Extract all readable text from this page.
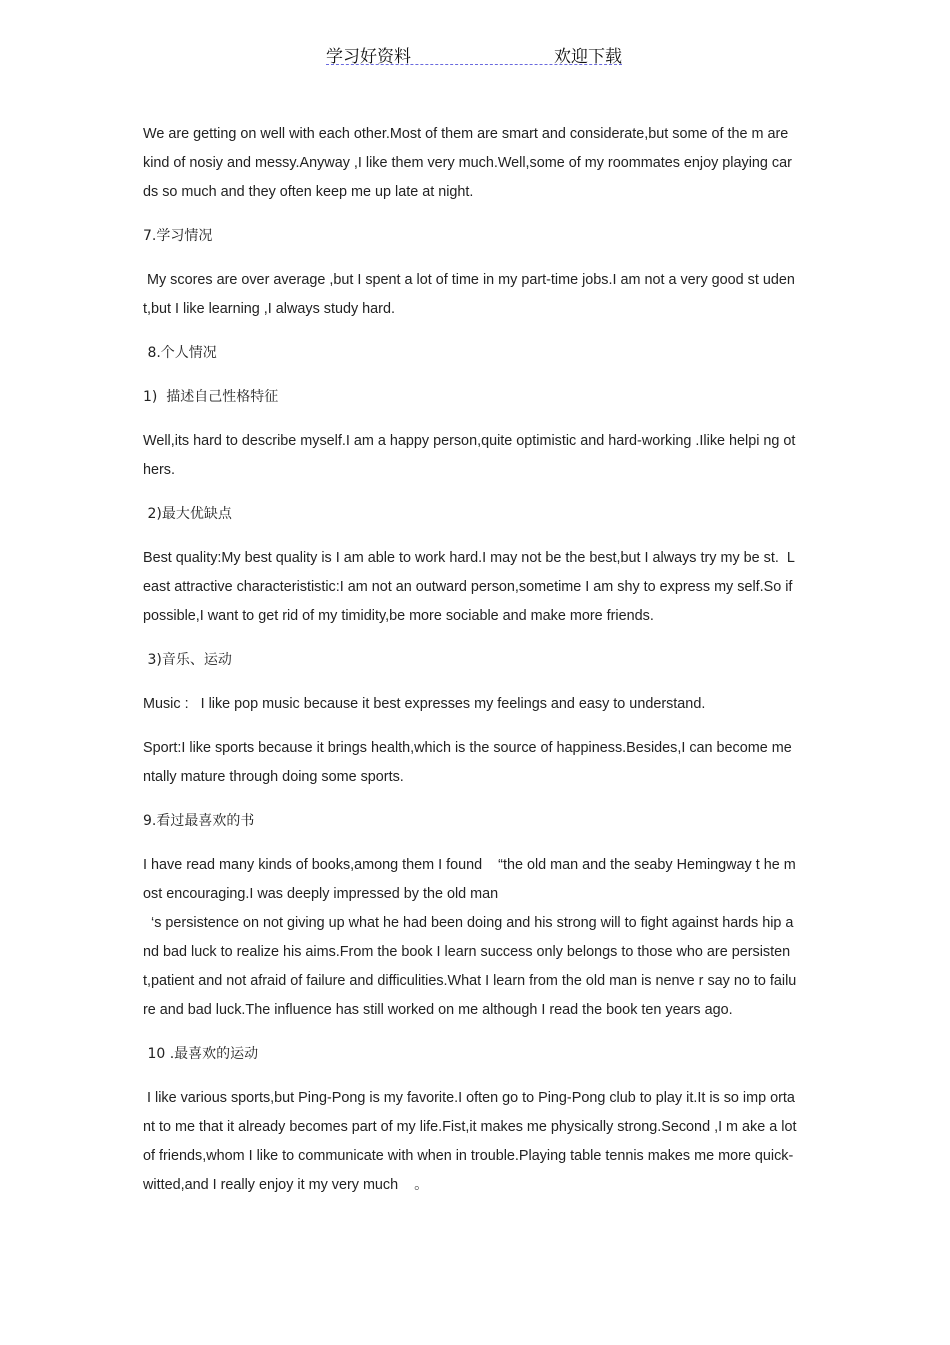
学习好资料	欢迎下载
We are getting on well with each other.Most of them are smart and considerate,but some of the m are kind of nosiy and messy.Anyway ,I like them very much.Well,some of my roommates enjoy playing cards so much and they often keep me up late at night.
7.学习情况
My scores are over average ,but I spent a lot of time in my part-time jobs.I am not a very good st udent,but I like learning ,I always study hard.
8.个人情况
1)  描述自己性格特征
Well,its hard to describe myself.I am a happy person,quite optimistic and hard-working .Ilike helpi ng others.
2)最大优缺点
Best quality:My best quality is I am able to work hard.I may not be the best,but I always try my be st.  Least attractive characterististic:I am not an outward person,sometime I am shy to express my self.So if possible,I want to get rid of my timidity,be more sociable and make more friends.
3)音乐、运动
Music :   I like pop music because it best expresses my feelings and easy to understand.
Sport:I like sports because it brings health,which is the source of happiness.Besides,I can become mentally mature through doing some sports.
9.看过最喜欢的书
I have read many kinds of books,among them I found    “the old man and the seaby Hemingway t he most encouraging.I was deeply impressed by the old man
‘s persistence on not giving up what he had been doing and his strong will to fight against hards hip and bad luck to realize his aims.From the book I learn success only belongs to those who are persistent,patient and not afraid of failure and difficulities.What I learn from the old man is nenve r say no to failure and bad luck.The influence has still worked on me although I read the book ten years ago.
10 .最喜欢的运动
I like various sports,but Ping-Pong is my favorite.I often go to Ping-Pong club to play it.It is so imp ortant to me that it already becomes part of my life.Fist,it makes me physically strong.Second ,I m ake a lot of friends,whom I like to communicate with when in trouble.Playing table tennis makes me more quick-witted,and I really enjoy it my very much    。
